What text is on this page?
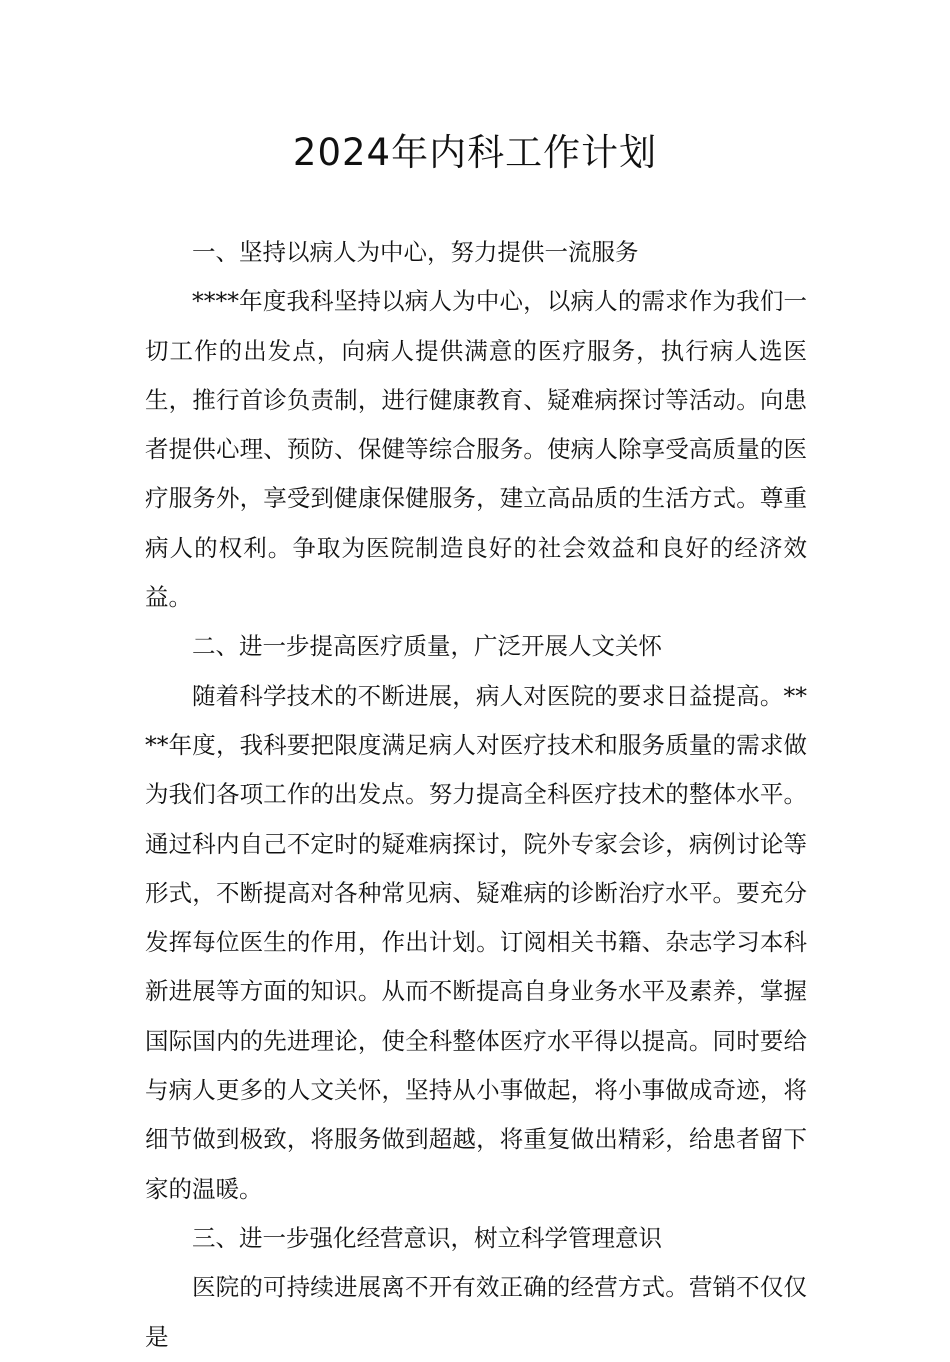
2024年内科工作计划

一、坚持以病人为中心，努力提供一流服务

****年度我科坚持以病人为中心，以病人的需求作为我们一切工作的出发点，向病人提供满意的医疗服务，执行病人选医生，推行首诊负责制，进行健康教育、疑难病探讨等活动。向患者提供心理、预防、保健等综合服务。使病人除享受高质量的医疗服务外，享受到健康保健服务，建立高品质的生活方式。尊重病人的权利。争取为医院制造良好的社会效益和良好的经济效益。

二、进一步提高医疗质量，广泛开展人文关怀

随着科学技术的不断进展，病人对医院的要求日益提高。****年度，我科要把限度满足病人对医疗技术和服务质量的需求做为我们各项工作的出发点。努力提高全科医疗技术的整体水平。通过科内自己不定时的疑难病探讨，院外专家会诊，病例讨论等形式，不断提高对各种常见病、疑难病的诊断治疗水平。要充分发挥每位医生的作用，作出计划。订阅相关书籍、杂志学习本科新进展等方面的知识。从而不断提高自身业务水平及素养，掌握国际国内的先进理论，使全科整体医疗水平得以提高。同时要给与病人更多的人文关怀，坚持从小事做起，将小事做成奇迹，将细节做到极致，将服务做到超越，将重复做出精彩，给患者留下家的温暖。

三、进一步强化经营意识，树立科学管理意识

医院的可持续进展离不开有效正确的经营方式。营销不仅仅是
